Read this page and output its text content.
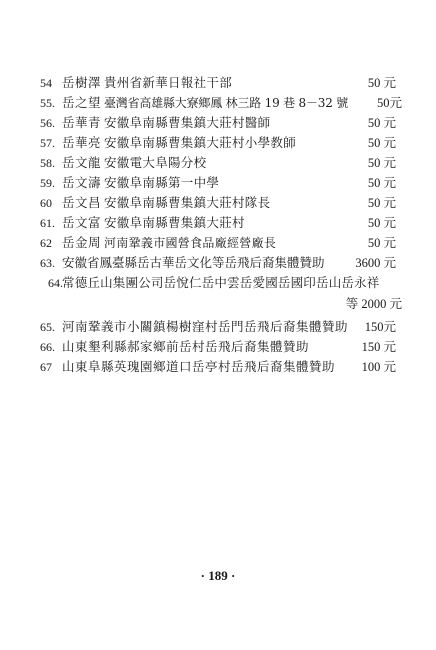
54 岳樹澤 貴州省新華日報社干部	50 元
55. 岳之望 臺灣省高雄縣大寮鄉鳳 林三路 19 巷 8－32 號 50元
56. 岳華青 安徽阜南縣曹集鎮大莊村醫師	50 元
57. 岳華亮 安徽阜南縣曹集鎮大莊村小學教師	50 元
58. 岳文龍 安徽電大阜陽分校	50 元
59. 岳文濤 安徽阜南縣第一中學	50 元
60 岳文昌 安徽阜南縣曹集鎮大莊村隊長	50 元
61. 岳文富 安徽阜南縣曹集鎮大莊村	50 元
62 岳金周 河南鞏義市國營食品廠經營廠長	50 元
63. 安徽省鳳臺縣岳古華岳文化等岳飛后裔集體贊助 3600 元
64. 常德丘山集團公司岳悅仁岳中雲岳愛國岳國印岳山岳永祥
等 2000 元
65. 河南鞏義市小關鎮楊樹窪村岳門岳飛后裔集體贊助 150元
66. 山東墾利縣郝家鄉前岳村岳飛后裔集體贊助	150 元
67 山東阜縣英瑰園鄉道口岳亭村岳飛后裔集體贊助 100 元
· 189 ·
